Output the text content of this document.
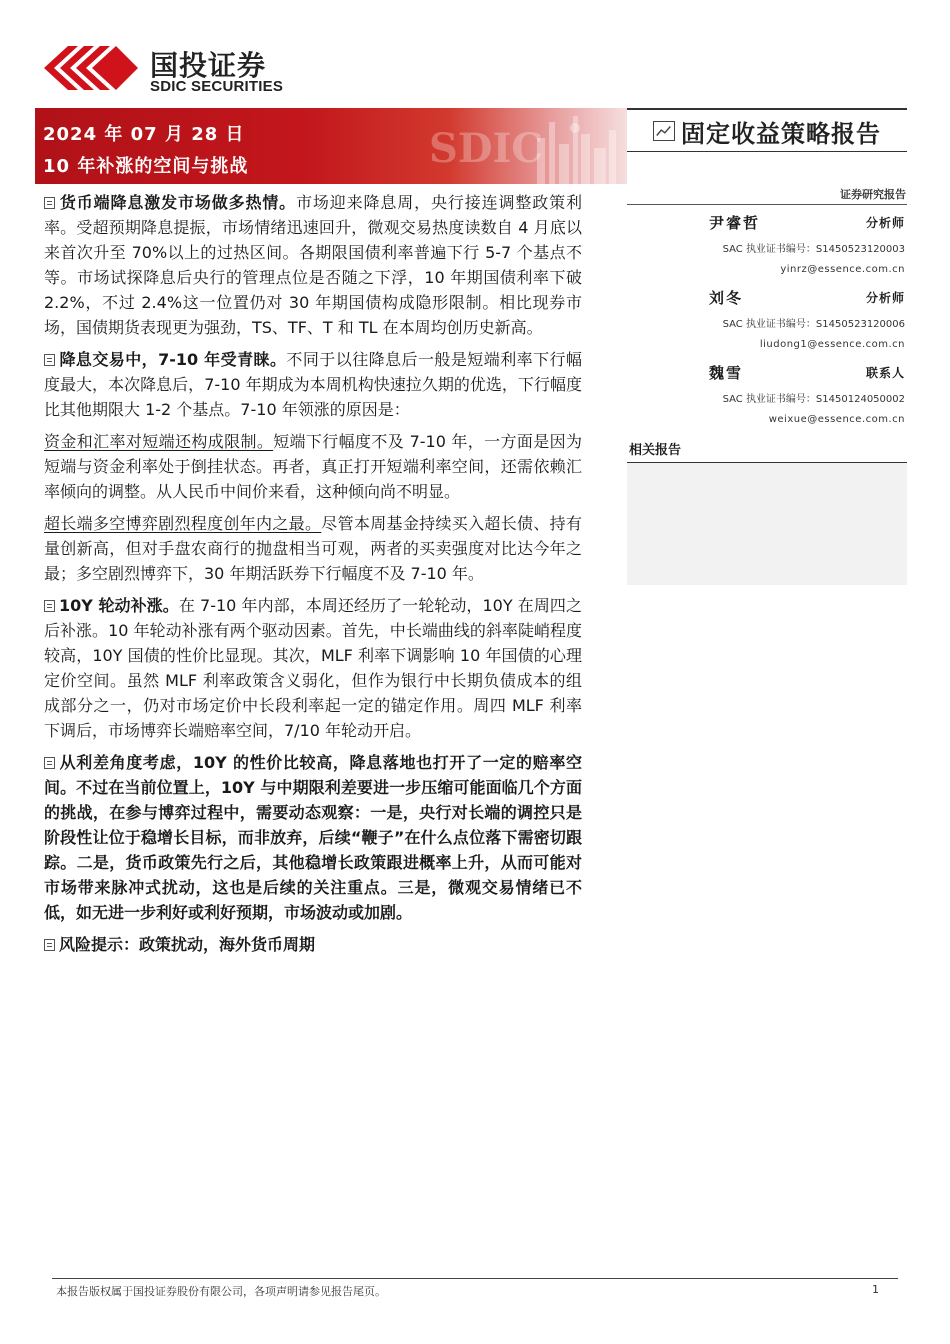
国投证券
SDIC SECURITIES
SDIC
2024 年 07 月 28 日
10 年补涨的空间与挑战
固定收益策略报告
证券研究报告
尹睿哲	分析师
SAC 执业证书编号：S1450523120003
yinrz@essence.com.cn
刘冬	分析师
SAC 执业证书编号：S1450523120006
liudong1@essence.com.cn
魏雪	联系人
SAC 执业证书编号：S1450124050002
weixue@essence.com.cn
相关报告

货币端降息激发市场做多热情。市场迎来降息周，央行接连调整政策利率。受超预期降息提振，市场情绪迅速回升，微观交易热度读数自 4 月底以来首次升至 70%以上的过热区间。各期限国债利率普遍下行 5-7 个基点不等。市场试探降息后央行的管理点位是否随之下浮，10 年期国债利率下破 2.2%，不过 2.4%这一位置仍对 30 年期国债构成隐形限制。相比现券市场，国债期货表现更为强劲，TS、TF、T 和 TL 在本周均创历史新高。

降息交易中，7-10 年受青睐。不同于以往降息后一般是短端利率下行幅度最大，本次降息后，7-10 年期成为本周机构快速拉久期的优选，下行幅度比其他期限大 1-2 个基点。7-10 年领涨的原因是：

资金和汇率对短端还构成限制。短端下行幅度不及 7-10 年，一方面是因为短端与资金利率处于倒挂状态。再者，真正打开短端利率空间，还需依赖汇率倾向的调整。从人民币中间价来看，这种倾向尚不明显。

超长端多空博弈剧烈程度创年内之最。尽管本周基金持续买入超长债、持有量创新高，但对手盘农商行的抛盘相当可观，两者的买卖强度对比达今年之最；多空剧烈博弈下，30 年期活跃券下行幅度不及 7-10 年。

10Y 轮动补涨。在 7-10 年内部，本周还经历了一轮轮动，10Y 在周四之后补涨。10 年轮动补涨有两个驱动因素。首先，中长端曲线的斜率陡峭程度较高，10Y 国债的性价比显现。其次，MLF 利率下调影响 10 年国债的心理定价空间。虽然 MLF 利率政策含义弱化，但作为银行中长期负债成本的组成部分之一，仍对市场定价中长段利率起一定的锚定作用。周四 MLF 利率下调后，市场博弈长端赔率空间，7/10 年轮动开启。

从利差角度考虑，10Y 的性价比较高，降息落地也打开了一定的赔率空间。不过在当前位置上，10Y 与中期限利差要进一步压缩可能面临几个方面的挑战，在参与博弈过程中，需要动态观察：一是，央行对长端的调控只是阶段性让位于稳增长目标，而非放弃，后续“鞭子”在什么点位落下需密切跟踪。二是，货币政策先行之后，其他稳增长政策跟进概率上升，从而可能对市场带来脉冲式扰动，这也是后续的关注重点。三是，微观交易情绪已不低，如无进一步利好或利好预期，市场波动或加剧。

风险提示：政策扰动，海外货币周期

本报告版权属于国投证券股份有限公司，各项声明请参见报告尾页。	1
